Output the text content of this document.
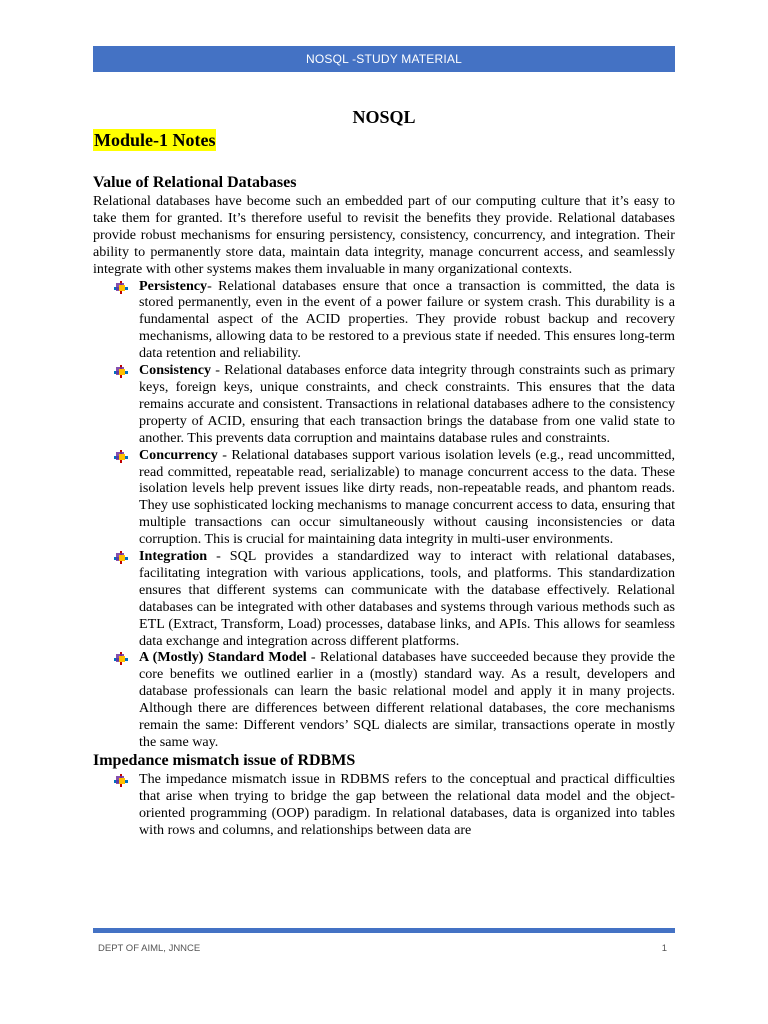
NOSQL -STUDY MATERIAL
NOSQL
Module-1 Notes
Value of Relational Databases

Relational databases have become such an embedded part of our computing culture that it’s easy to take them for granted. It’s therefore useful to revisit the benefits they provide. Relational databases provide robust mechanisms for ensuring persistency, consistency, concurrency, and integration. Their ability to permanently store data, maintain data integrity, manage concurrent access, and seamlessly integrate with other systems makes them invaluable in many organizational contexts.

Persistency- Relational databases ensure that once a transaction is committed, the data is stored permanently, even in the event of a power failure or system crash. This durability is a fundamental aspect of the ACID properties. They provide robust backup and recovery mechanisms, allowing data to be restored to a previous state if needed. This ensures long-term data retention and reliability.
Consistency - Relational databases enforce data integrity through constraints such as primary keys, foreign keys, unique constraints, and check constraints. This ensures that the data remains accurate and consistent. Transactions in relational databases adhere to the consistency property of ACID, ensuring that each transaction brings the database from one valid state to another. This prevents data corruption and maintains database rules and constraints.
Concurrency - Relational databases support various isolation levels (e.g., read uncommitted, read committed, repeatable read, serializable) to manage concurrent access to the data. These isolation levels help prevent issues like dirty reads, non-repeatable reads, and phantom reads. They use sophisticated locking mechanisms to manage concurrent access to data, ensuring that multiple transactions can occur simultaneously without causing inconsistencies or data corruption. This is crucial for maintaining data integrity in multi-user environments.
Integration - SQL provides a standardized way to interact with relational databases, facilitating integration with various applications, tools, and platforms. This standardization ensures that different systems can communicate with the database effectively. Relational databases can be integrated with other databases and systems through various methods such as ETL (Extract, Transform, Load) processes, database links, and APIs. This allows for seamless data exchange and integration across different platforms.
A (Mostly) Standard Model - Relational databases have succeeded because they provide the core benefits we outlined earlier in a (mostly) standard way. As a result, developers and database professionals can learn the basic relational model and apply it in many projects. Although there are differences between different relational databases, the core mechanisms remain the same: Different vendors’ SQL dialects are similar, transactions operate in mostly the same way.
Impedance mismatch issue of RDBMS
The impedance mismatch issue in RDBMS refers to the conceptual and practical difficulties that arise when trying to bridge the gap between the relational data model and the object-oriented programming (OOP) paradigm. In relational databases, data is organized into tables with rows and columns, and relationships between data are
DEPT OF AIML, JNNCE	1
